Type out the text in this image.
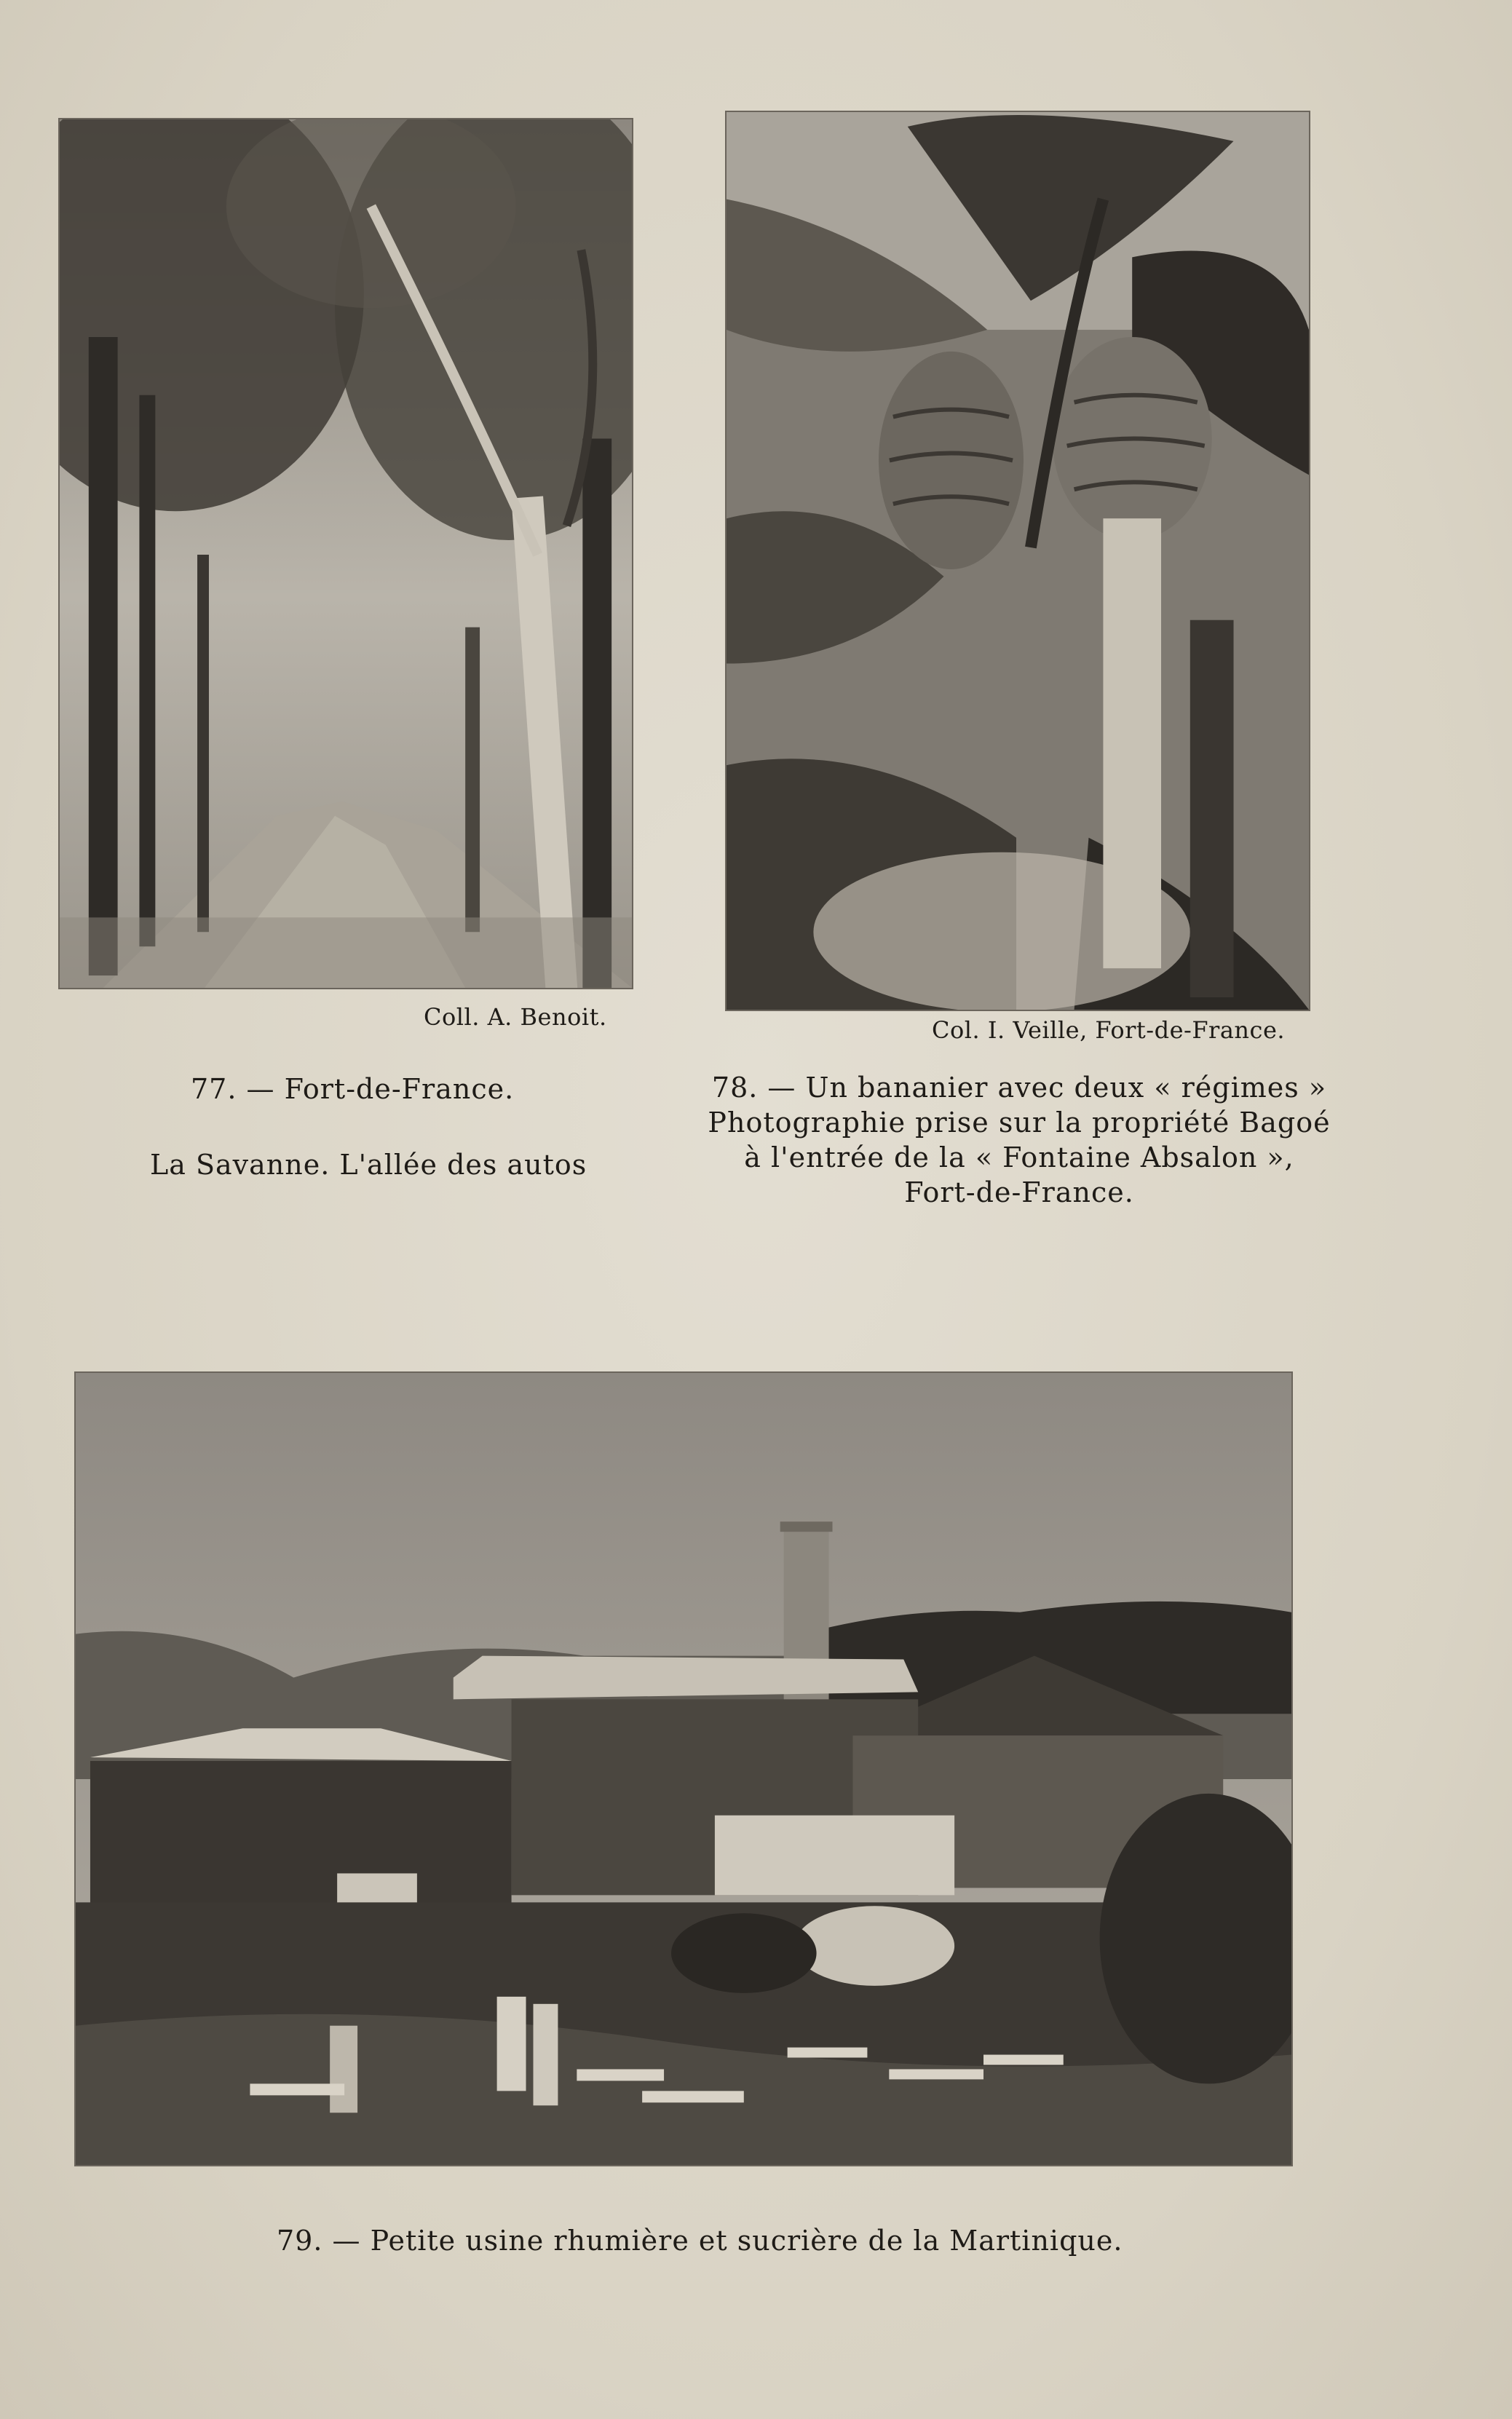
Coll. A. Benoit.	Col. I. Veille, Fort-de-France.
77. — Fort-de-France.
La Savanne. L'allée des autos
78. — Un bananier avec deux « régimes »
Photographie prise sur la propriété Bagoé
à l'entrée de la « Fontaine Absalon »,
Fort-de-France.
79. — Petite usine rhumière et sucrière de la Martinique.
